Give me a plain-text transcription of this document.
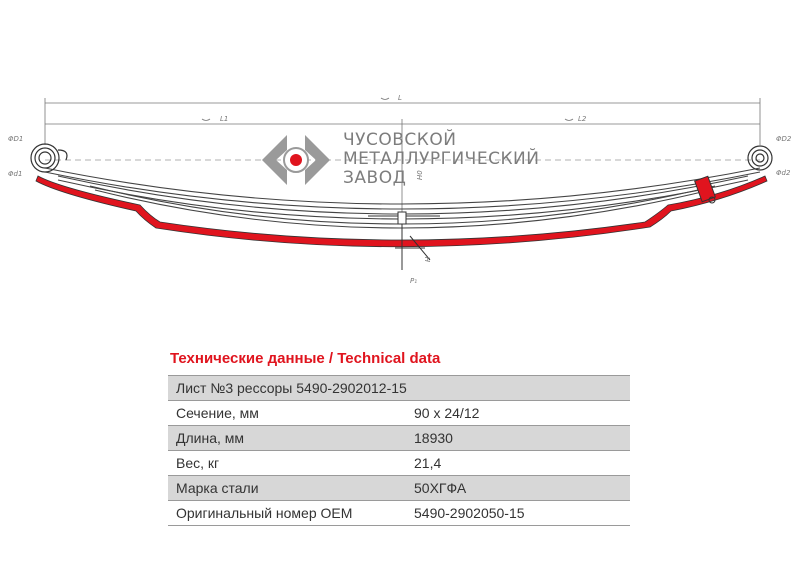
L
L1	L2
ΦD1
Φd1
ΦD2
Φd2
H0
H
P₁
ЧУСОВСКОЙ
МЕТАЛЛУРГИЧЕСКИЙ
ЗАВОД
Технические данные / Technical data
Лист №3 рессоры 5490-2902012-15	
Сечение, мм	90 х 24/12
Длина, мм	18930
Вес, кг	21,4
Марка стали	50ХГФА
Оригинальный номер OEM	5490-2902050-15
